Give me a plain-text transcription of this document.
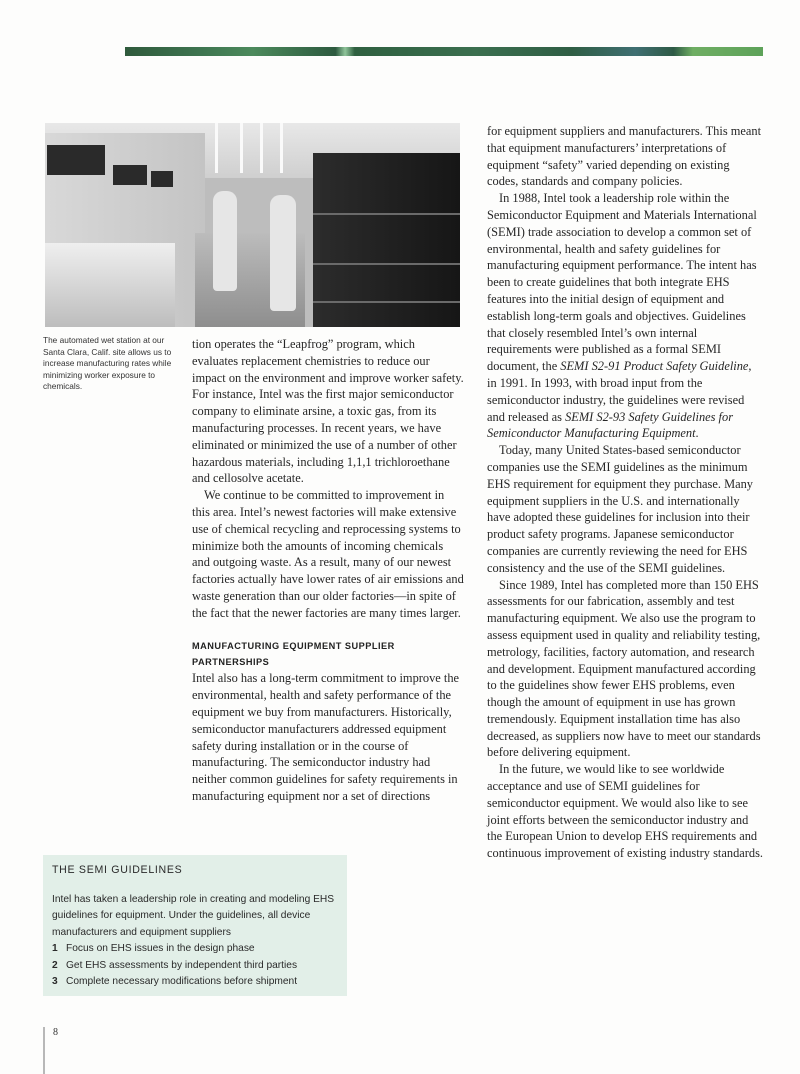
The automated wet station at our Santa Clara, Calif. site allows us to increase manufacturing rates while minimizing worker exposure to chemicals.

tion operates the “Leapfrog” program, which evaluates replacement chemistries to reduce our impact on the environment and improve worker safety. For instance, Intel was the first major semiconductor company to eliminate arsine, a toxic gas, from its manufacturing processes. In recent years, we have eliminated or minimized the use of a number of other hazardous materials, including 1,1,1 trichloroethane and cellosolve acetate.

We continue to be committed to improvement in this area. Intel’s newest factories will make extensive use of chemical recycling and reprocessing systems to minimize both the amounts of incoming chemicals and outgoing waste. As a result, many of our newest factories actually have lower rates of air emissions and waste generation than our older factories—in spite of the fact that the newer factories are many times larger.

MANUFACTURING EQUIPMENT SUPPLIER PARTNERSHIPS

Intel also has a long-term commitment to improve the environmental, health and safety performance of the equipment we buy from manufacturers. Historically, semiconductor manufacturers addressed equipment safety during installation or in the course of manufacturing. The semiconductor industry had neither common guidelines for safety requirements in manufacturing equipment nor a set of directions

for equipment suppliers and manufacturers. This meant that equipment manufacturers’ interpretations of equipment “safety” varied depending on existing codes, standards and company policies.

In 1988, Intel took a leadership role within the Semiconductor Equipment and Materials International (SEMI) trade association to develop a common set of environmental, health and safety guidelines for manufacturing equipment performance. The intent has been to create guidelines that both integrate EHS features into the initial design of equipment and establish long-term goals and objectives. Guidelines that closely resembled Intel’s own internal requirements were published as a formal SEMI document, the SEMI S2-91 Product Safety Guideline, in 1991. In 1993, with broad input from the semiconductor industry, the guidelines were revised and released as SEMI S2-93 Safety Guidelines for Semiconductor Manufacturing Equipment.

Today, many United States-based semiconductor companies use the SEMI guidelines as the minimum EHS requirement for equipment they purchase. Many equipment suppliers in the U.S. and internationally have adopted these guidelines for inclusion into their product safety programs. Japanese semiconductor companies are currently reviewing the need for EHS consistency and the use of the SEMI guidelines.

Since 1989, Intel has completed more than 150 EHS assessments for our fabrication, assembly and test manufacturing equipment. We also use the program to assess equipment used in quality and reliability testing, metrology, facilities, factory automation, and research and development. Equipment manufactured according to the guidelines show fewer EHS problems, even though the amount of equipment in use has grown tremendously. Equipment installation time has also decreased, as suppliers now have to meet our standards before delivering equipment.

In the future, we would like to see worldwide acceptance and use of SEMI guidelines for semiconductor equipment. We would also like to see joint efforts between the semiconductor industry and the European Union to develop EHS requirements and continuous improvement of existing industry standards.

THE SEMI GUIDELINES
Intel has taken a leadership role in creating and modeling EHS guidelines for equipment. Under the guidelines, all device manufacturers and equipment suppliers
1 Focus on EHS issues in the design phase
2 Get EHS assessments by independent third parties
3 Complete necessary modifications before shipment
8
